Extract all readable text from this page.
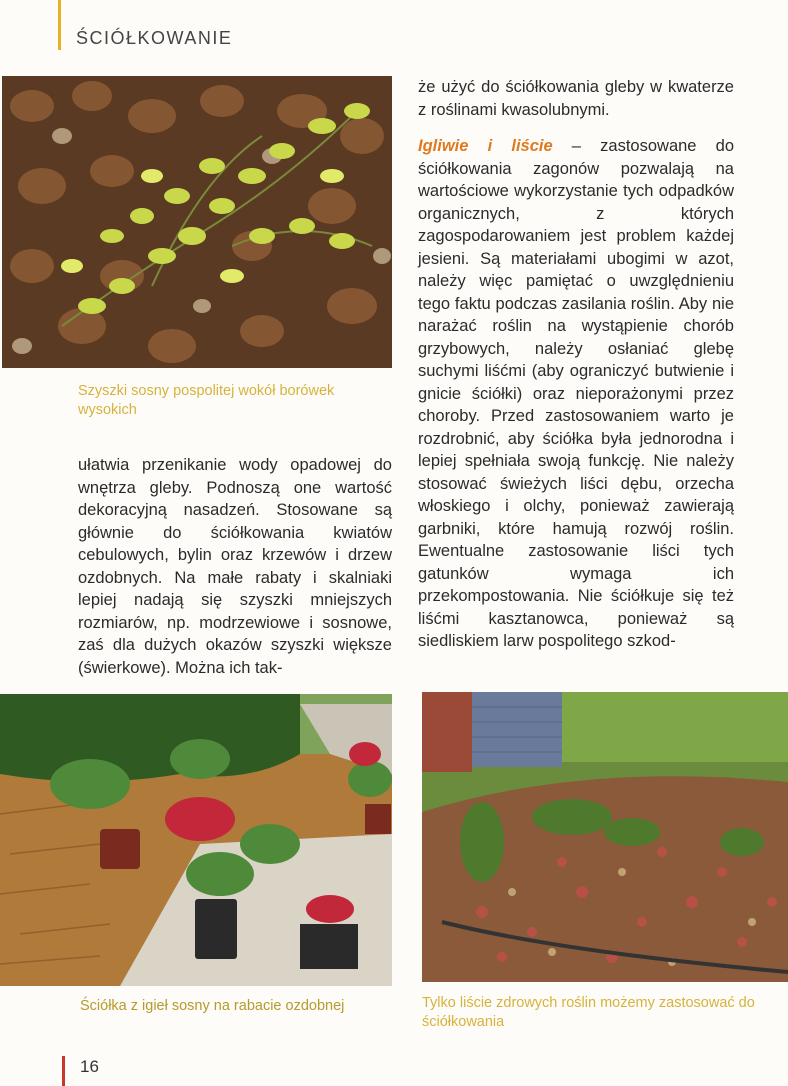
ŚCIÓŁKOWANIE
Szyszki sosny pospolitej wokół borówek wysokich

ułatwia przenikanie wody opadowej do wnętrza gleby. Podnoszą one wartość dekoracyjną nasadzeń. Stosowane są głównie do ściółkowania kwiatów cebulowych, bylin oraz krzewów i drzew ozdobnych. Na małe rabaty i skalniaki lepiej nadają się szyszki mniejszych rozmiarów, np. modrzewiowe i sosnowe, zaś dla dużych okazów szyszki większe (świerkowe). Można ich tak-

że użyć do ściółkowania gleby w kwaterze z roślinami kwasolubnymi.

Igliwie i liście – zastosowane do ściółkowania zagonów pozwalają na wartościowe wykorzystanie tych odpadków organicznych, z których zagospodarowaniem jest problem każdej jesieni. Są materiałami ubogimi w azot, należy więc pamiętać o uwzględnieniu tego faktu podczas zasilania roślin. Aby nie narażać roślin na wystąpienie chorób grzybowych, należy osłaniać glebę suchymi liśćmi (aby ograniczyć butwienie i gnicie ściółki) oraz nieporażonymi przez choroby. Przed zastosowaniem warto je rozdrobnić, aby ściółka była jednorodna i lepiej spełniała swoją funkcję. Nie należy stosować świeżych liści dębu, orzecha włoskiego i olchy, ponieważ zawierają garbniki, które hamują rozwój roślin. Ewentualne zastosowanie liści tych gatunków wymaga ich przekompostowania. Nie ściółkuje się też liśćmi kasztanowca, ponieważ są siedliskiem larw pospolitego szkod-

Ściółka z igieł sosny na rabacie ozdobnej	Tylko liście zdrowych roślin możemy zastosować do ściółkowania
16
